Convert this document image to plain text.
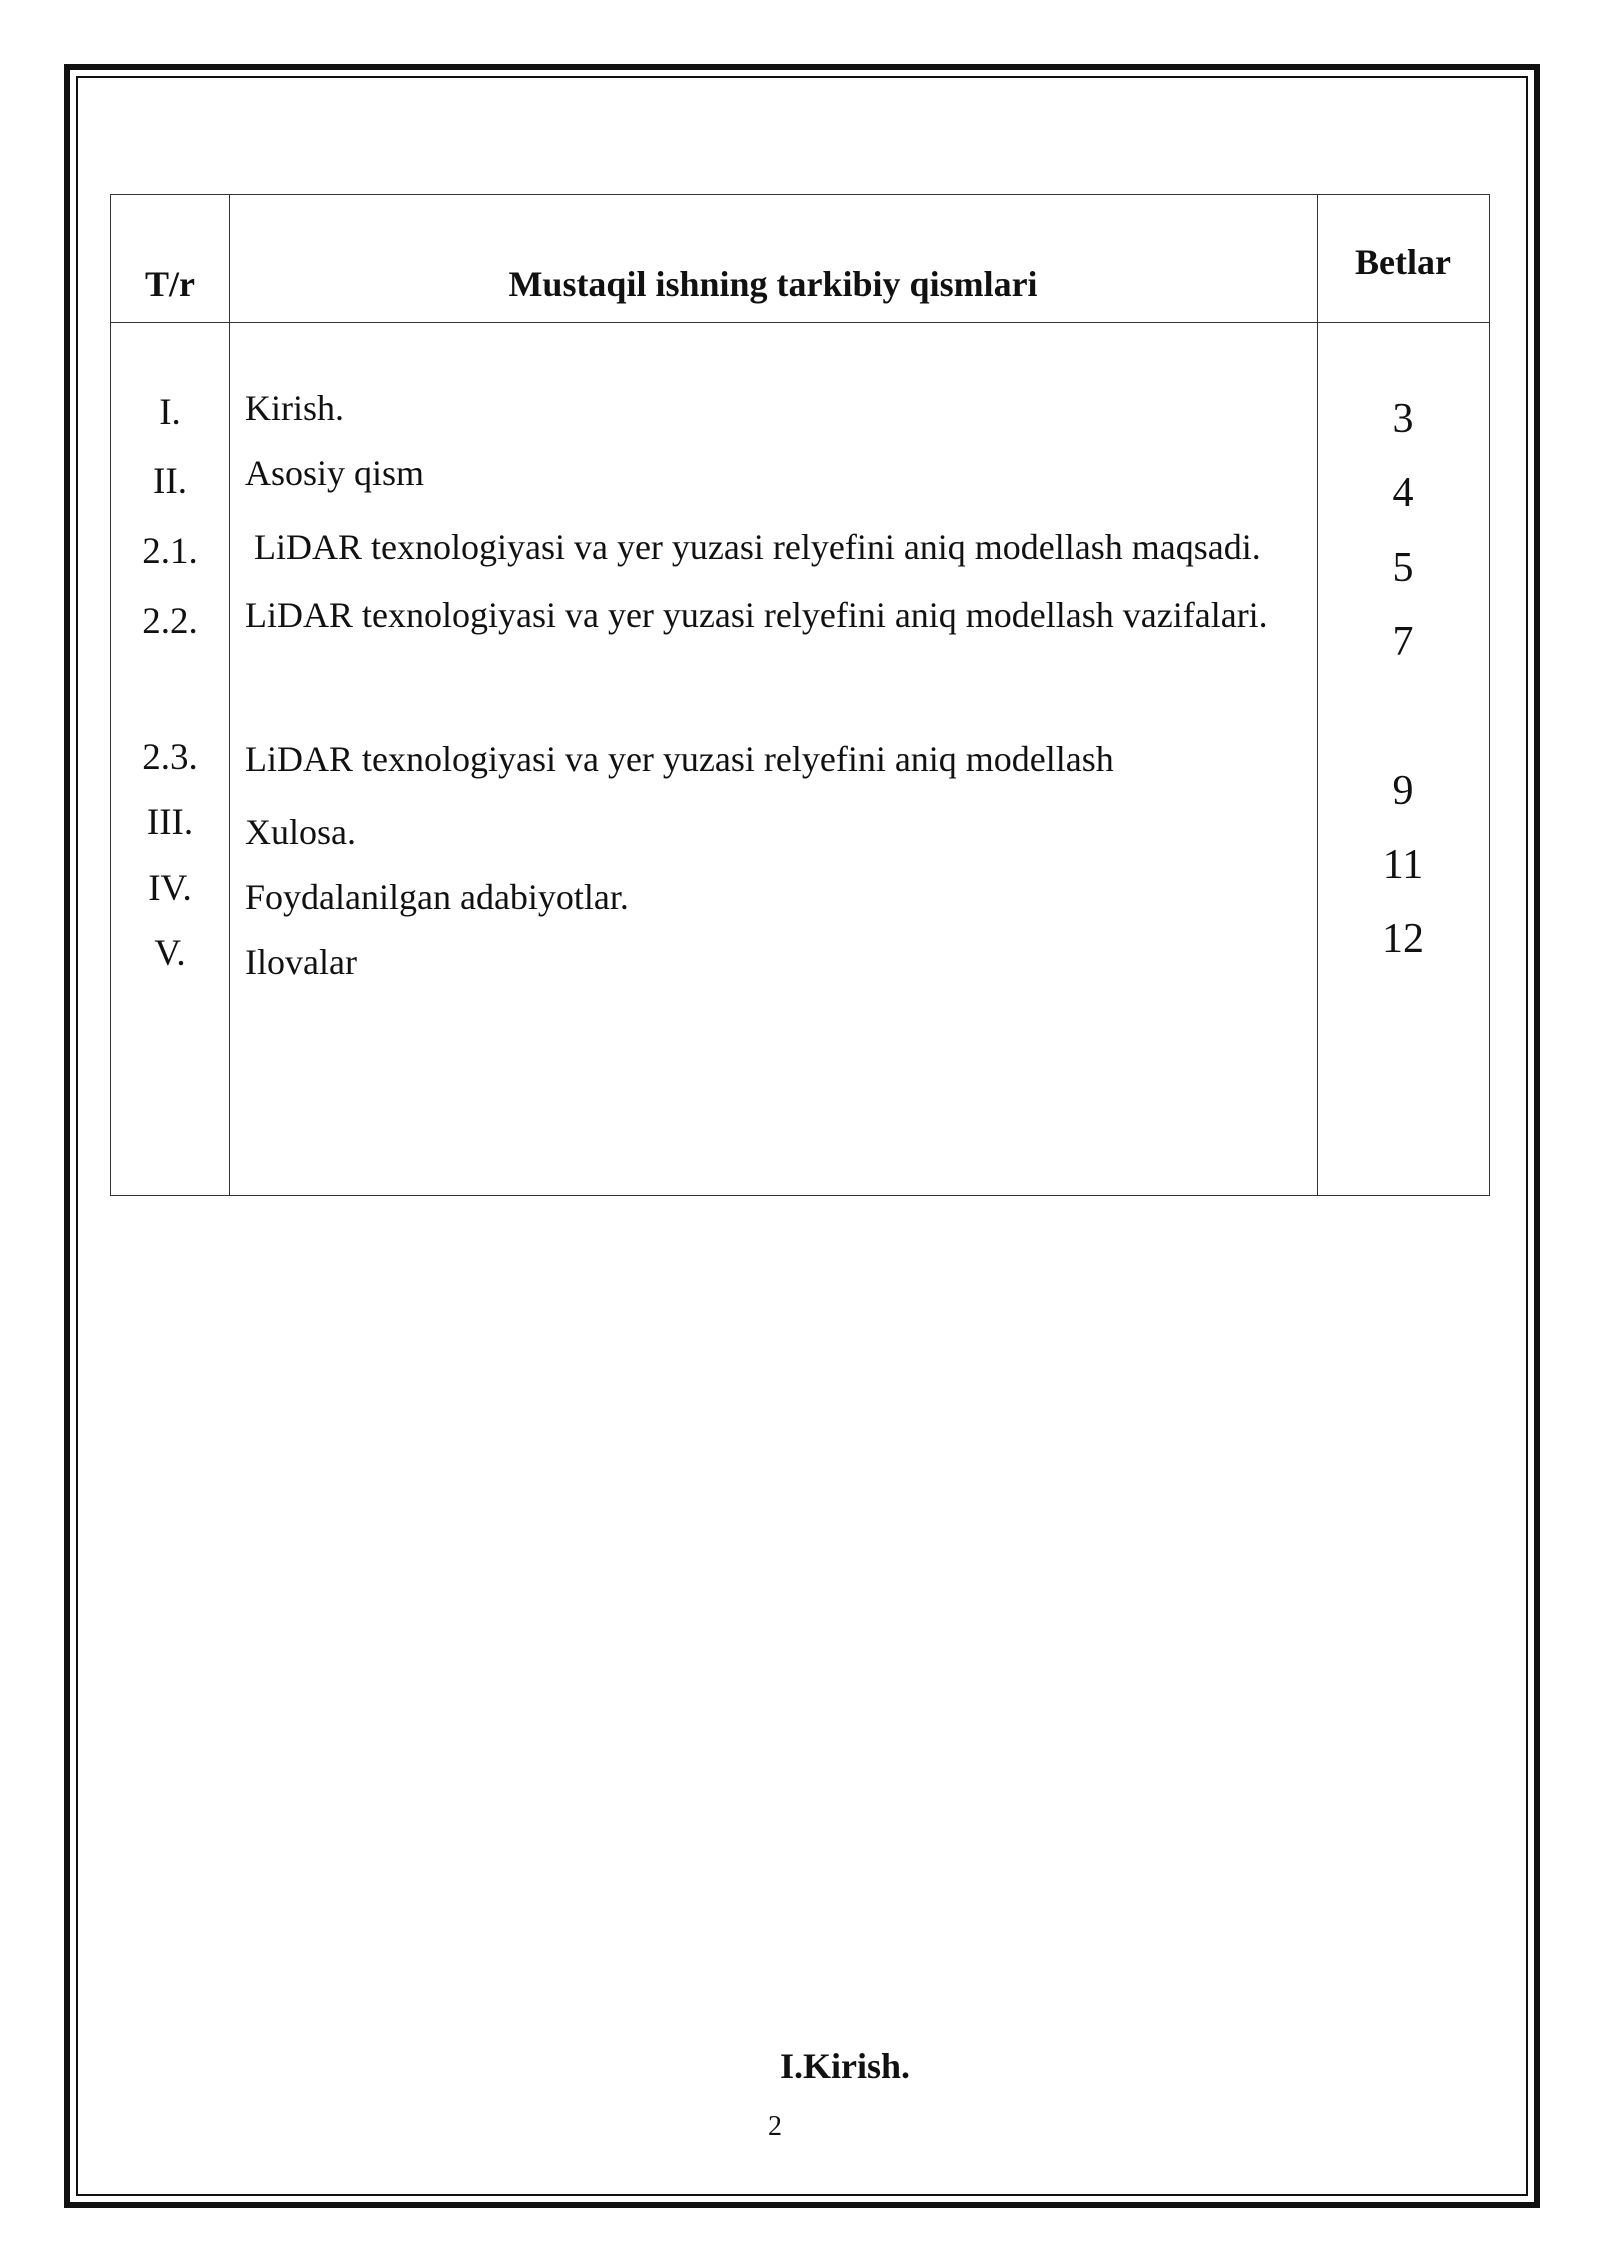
T/r	Mustaqil ishning tarkibiy qismlari
Betlar
I.
II.
2.1.
2.2.
2.3.
III.
IV.
V.
Kirish.
Asosiy qism
LiDAR texnologiyasi va yer yuzasi relyefini aniq modellash maqsadi.
LiDAR texnologiyasi va yer yuzasi relyefini aniq modellash vazifalari.
LiDAR texnologiyasi va yer yuzasi relyefini aniq modellash
Xulosa.
Foydalanilgan adabiyotlar.
Ilovalar
3
4
5
7
9
11
12
I.Kirish.
2
